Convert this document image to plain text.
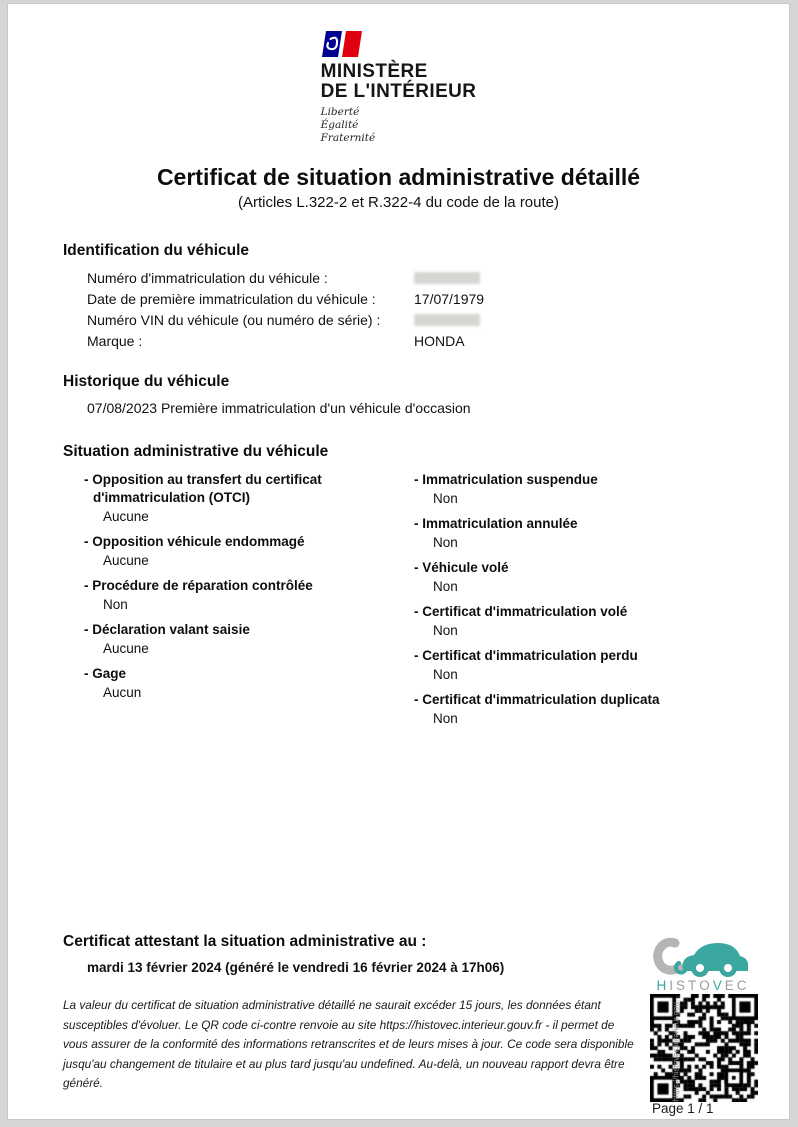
MINISTÈRE
DE L'INTÉRIEUR
Liberté
Égalité
Fraternité
Certificat de situation administrative détaillé
(Articles L.322-2 et R.322-4 du code de la route)
Identification du véhicule
Numéro d'immatriculation du véhicule :
Date de première immatriculation du véhicule :	17/07/1979
Numéro VIN du véhicule (ou numéro de série) :
Marque :	HONDA
Historique du véhicule
07/08/2023 Première immatriculation d'un véhicule d'occasion
Situation administrative du véhicule
- Opposition au transfert du certificat d'immatriculation (OTCI)
Aucune
- Opposition véhicule endommagé
Aucune
- Procédure de réparation contrôlée
Non
- Déclaration valant saisie
Aucune
- Gage
Aucun
- Immatriculation suspendue
Non
- Immatriculation annulée
Non
- Véhicule volé
Non
- Certificat d'immatriculation volé
Non
- Certificat d'immatriculation perdu
Non
- Certificat d'immatriculation duplicata
Non
Certificat attestant la situation administrative au :
mardi 13 février 2024 (généré le vendredi 16 février 2024 à 17h06)
La valeur du certificat de situation administrative détaillé ne saurait excéder 15 jours, les données étant susceptibles d'évoluer. Le QR code ci-contre renvoie au site https://histovec.interieur.gouv.fr - il permet de vous assurer de la conformité des informations retranscrites et de leurs mises à jour. Ce code sera disponible jusqu'au changement de titulaire et au plus tard jusqu'au undefined. Au-delà, un nouveau rapport devra être généré.
HISTOVEC
https://histovec.interieur.gou...
Page 1 / 1
